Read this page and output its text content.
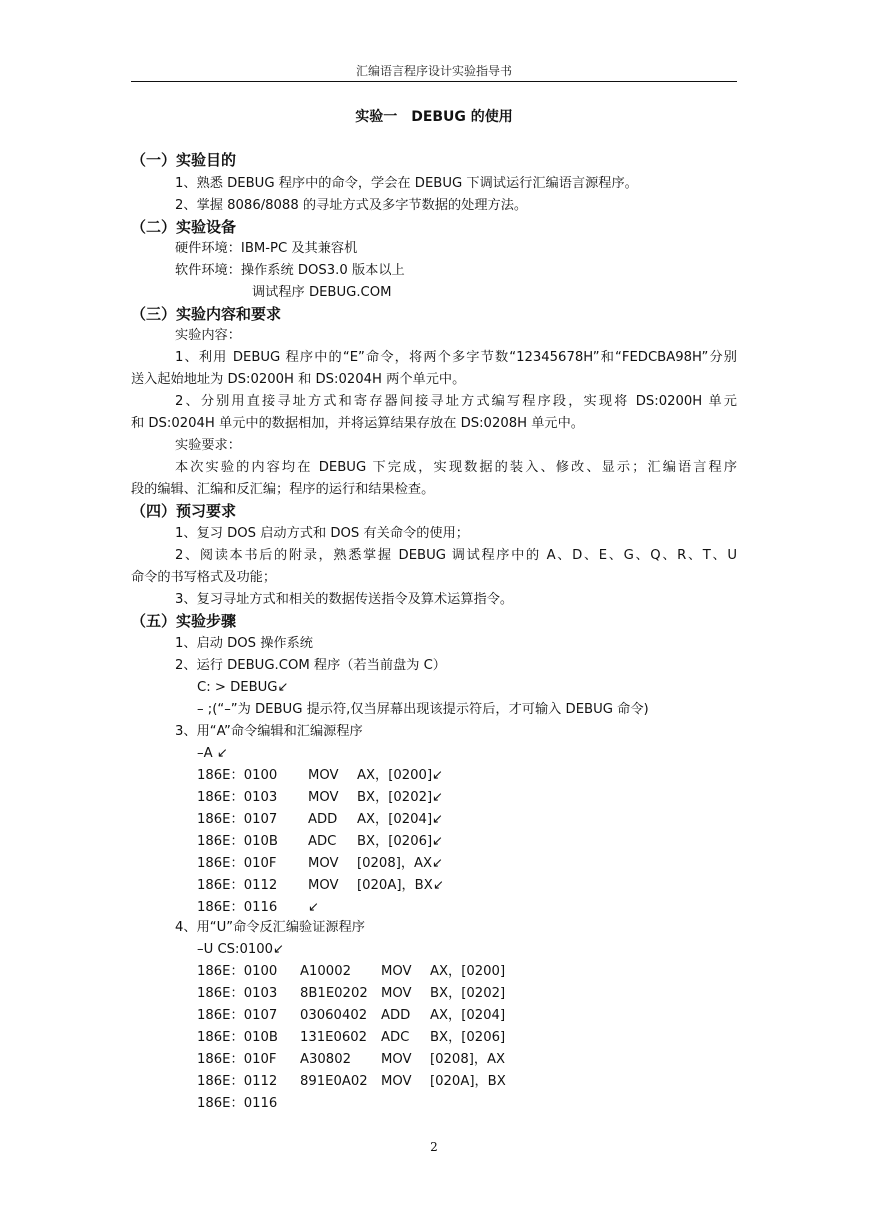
汇编语言程序设计实验指导书
实验一　DEBUG 的使用
（一）实验目的
1、熟悉 DEBUG 程序中的命令，学会在 DEBUG 下调试运行汇编语言源程序。
2、掌握 8086/8088 的寻址方式及多字节数据的处理方法。
（二）实验设备
硬件环境：IBM-PC 及其兼容机
软件环境：操作系统 DOS3.0 版本以上
调试程序 DEBUG.COM
（三）实验内容和要求
实验内容：
1、利用 DEBUG 程序中的“E”命令，将两个多字节数“12345678H”和“FEDCBA98H”分别
送入起始地址为 DS:0200H 和 DS:0204H 两个单元中。
2、分别用直接寻址方式和寄存器间接寻址方式编写程序段，实现将 DS:0200H 单元
和 DS:0204H 单元中的数据相加，并将运算结果存放在 DS:0208H 单元中。
实验要求：
本次实验的内容均在 DEBUG 下完成，实现数据的装入、修改、显示；汇编语言程序
段的编辑、汇编和反汇编；程序的运行和结果检查。
（四）预习要求
1、复习 DOS 启动方式和 DOS 有关命令的使用；
2、阅读本书后的附录，熟悉掌握 DEBUG 调试程序中的 A、D、E、G、Q、R、T、U
命令的书写格式及功能；
3、复习寻址方式和相关的数据传送指令及算术运算指令。
（五）实验步骤
1、启动 DOS 操作系统
2、运行 DEBUG.COM 程序（若当前盘为 C）
C: > DEBUG↙
– ;(“–”为 DEBUG 提示符,仅当屏幕出现该提示符后，才可输入 DEBUG 命令)
3、用“A”命令编辑和汇编源程序
–A ↙
186E：0100 MOV AX，[0200] ↙
186E：0103 MOV BX，[0202] ↙
186E：0107 ADD AX，[0204] ↙
186E：010B ADC BX，[0206] ↙
186E：010F MOV [0208]，AX ↙
186E：0112 MOV [020A]，BX ↙
186E：0116 ↙
4、用“U”命令反汇编验证源程序
–U CS:0100↙
186E：0100 A10002 MOV AX，[0200]
186E：0103 8B1E0202 MOV BX，[0202]
186E：0107 03060402 ADD AX，[0204]
186E：010B 131E0602 ADC BX，[0206]
186E：010F A30802 MOV [0208]，AX
186E：0112 891E0A02 MOV [020A]，BX
186E：0116
2
